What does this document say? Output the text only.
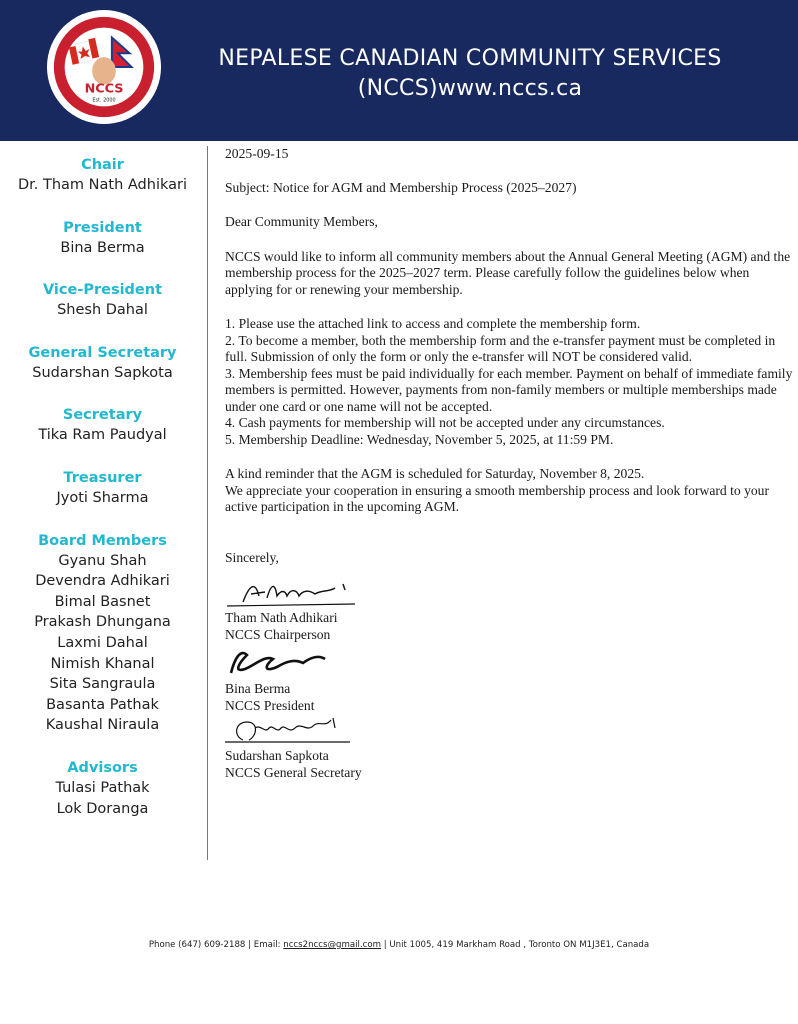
NCCS
Est. 2000
NEPALESE CANADIAN COMMUNITY SERVICES
(NCCS)www.nccs.ca
Chair
Dr. Tham Nath Adhikari
President
Bina Berma
Vice-President
Shesh Dahal
General Secretary
Sudarshan Sapkota
Secretary
Tika Ram Paudyal
Treasurer
Jyoti Sharma
Board Members
Gyanu Shah
Devendra Adhikari
Bimal Basnet
Prakash Dhungana
Laxmi Dahal
Nimish Khanal
Sita Sangraula
Basanta Pathak
Kaushal Niraula
Advisors
Tulasi Pathak
Lok Doranga

2025-09-15

Subject: Notice for AGM and Membership Process (2025–2027)

Dear Community Members,

NCCS would like to inform all community members about the Annual General Meeting (AGM) and the membership process for the 2025–2027 term. Please carefully follow the guidelines below when applying for or renewing your membership.

1. Please use the attached link to access and complete the membership form.

2. To become a member, both the membership form and the e-transfer payment must be completed in full. Submission of only the form or only the e-transfer will NOT be considered valid.

3. Membership fees must be paid individually for each member. Payment on behalf of immediate family members is permitted. However, payments from non-family members or multiple memberships made under one card or one name will not be accepted.

4. Cash payments for membership will not be accepted under any circumstances.

5. Membership Deadline: Wednesday, November 5, 2025, at 11:59 PM.

A kind reminder that the AGM is scheduled for Saturday, November 8, 2025.

We appreciate your cooperation in ensuring a smooth membership process and look forward to your active participation in the upcoming AGM.

Sincerely,

Tham Nath Adhikari

NCCS Chairperson

Bina Berma

NCCS President

Sudarshan Sapkota

NCCS General Secretary

Phone (647) 609-2188 | Email: nccs2nccs@gmail.com | Unit 1005, 419 Markham Road , Toronto ON M1J3E1, Canada
